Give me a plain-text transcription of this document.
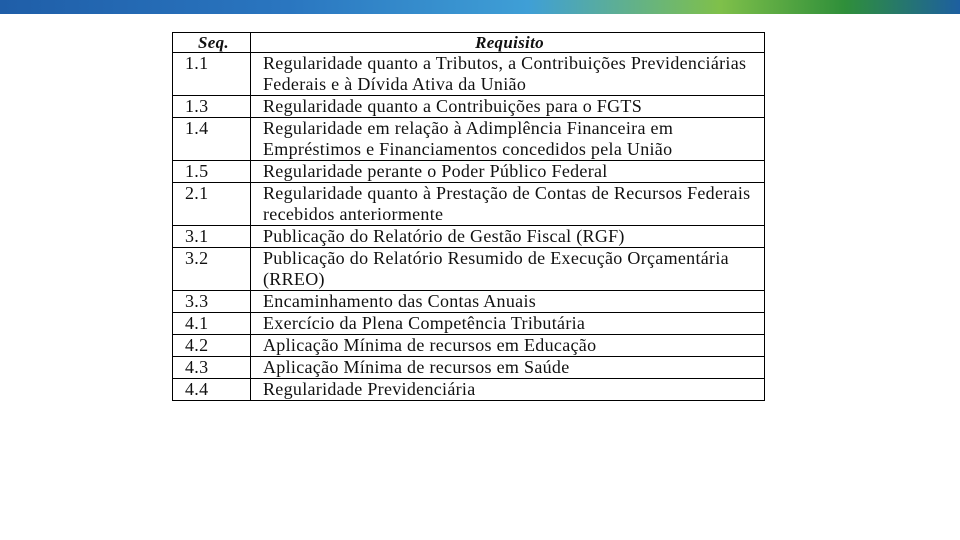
Seq.	Requisito
1.1	Regularidade quanto a Tributos, a Contribuições Previdenciárias Federais e à Dívida Ativa da União
1.3	Regularidade quanto a Contribuições para o FGTS
1.4	Regularidade em relação à Adimplência Financeira em Empréstimos e Financiamentos concedidos pela União
1.5	Regularidade perante o Poder Público Federal
2.1	Regularidade quanto à Prestação de Contas de Recursos Federais recebidos anteriormente
3.1	Publicação do Relatório de Gestão Fiscal (RGF)
3.2	Publicação do Relatório Resumido de Execução Orçamentária (RREO)
3.3	Encaminhamento das Contas Anuais
4.1	Exercício da Plena Competência Tributária
4.2	Aplicação Mínima de recursos em Educação
4.3	Aplicação Mínima de recursos em Saúde
4.4	Regularidade Previdenciária
